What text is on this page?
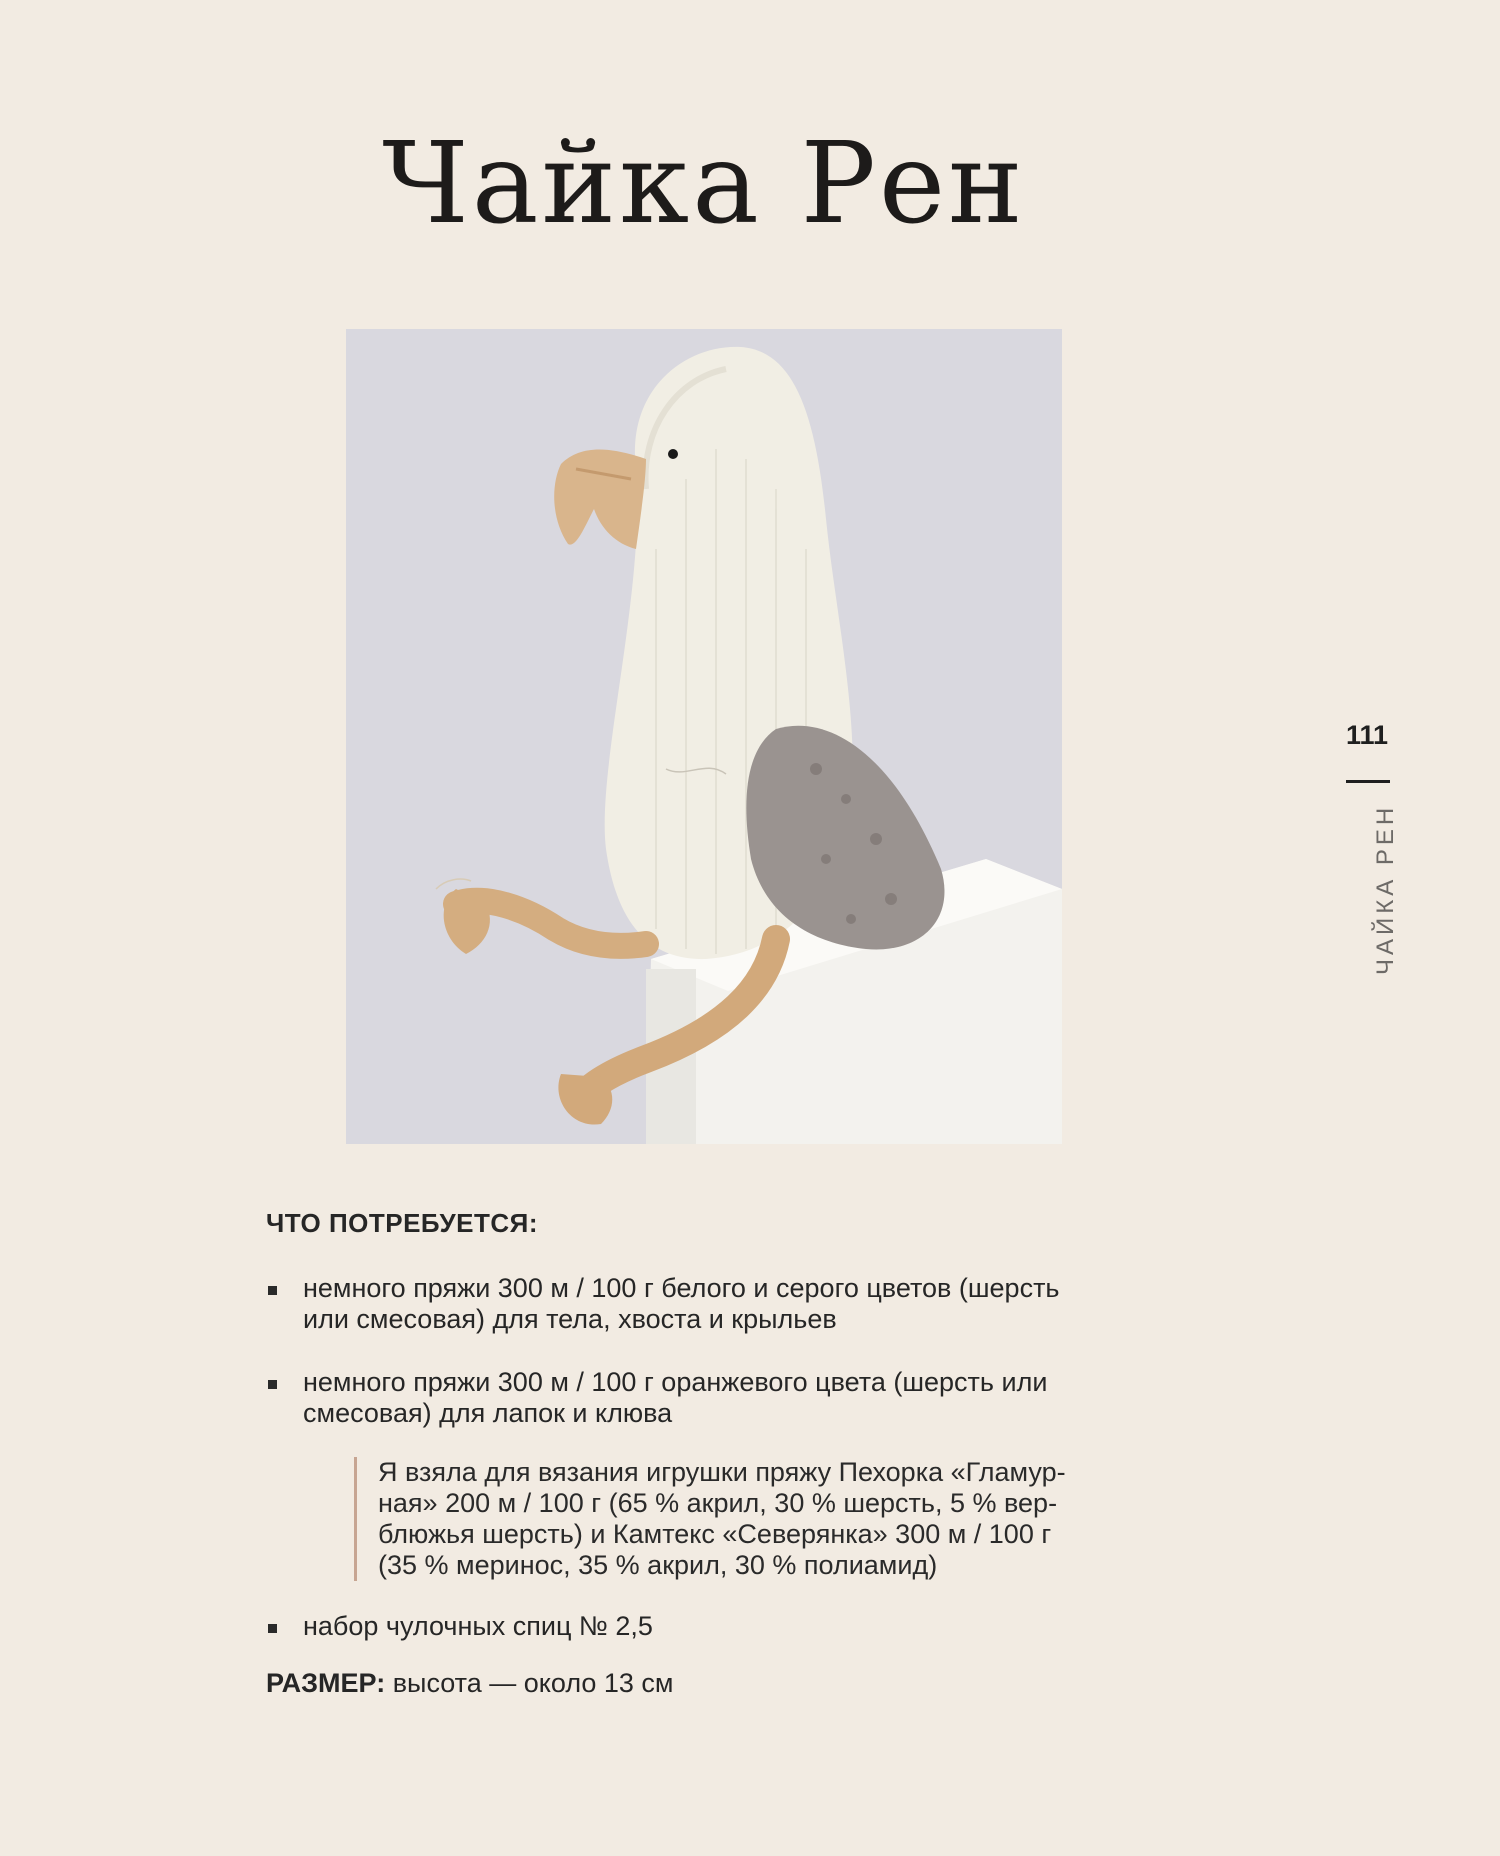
Чайка Рен
111
ЧАЙКА РЕН
ЧТО ПОТРЕБУЕТСЯ:
немного пряжи 300 м / 100 г белого и серого цветов (шерсть
или смесовая) для тела, хвоста и крыльев
немного пряжи 300 м / 100 г оранжевого цвета (шерсть или
смесовая) для лапок и клюва
Я взяла для вязания игрушки пряжу Пехорка «Гламур-
ная» 200 м / 100 г (65 % акрил, 30 % шерсть, 5 % вер-
блюжья шерсть) и Камтекс «Северянка» 300 м / 100 г
(35 % меринос, 35 % акрил, 30 % полиамид)
набор чулочных спиц № 2,5
РАЗМЕР: высота — около 13 см
